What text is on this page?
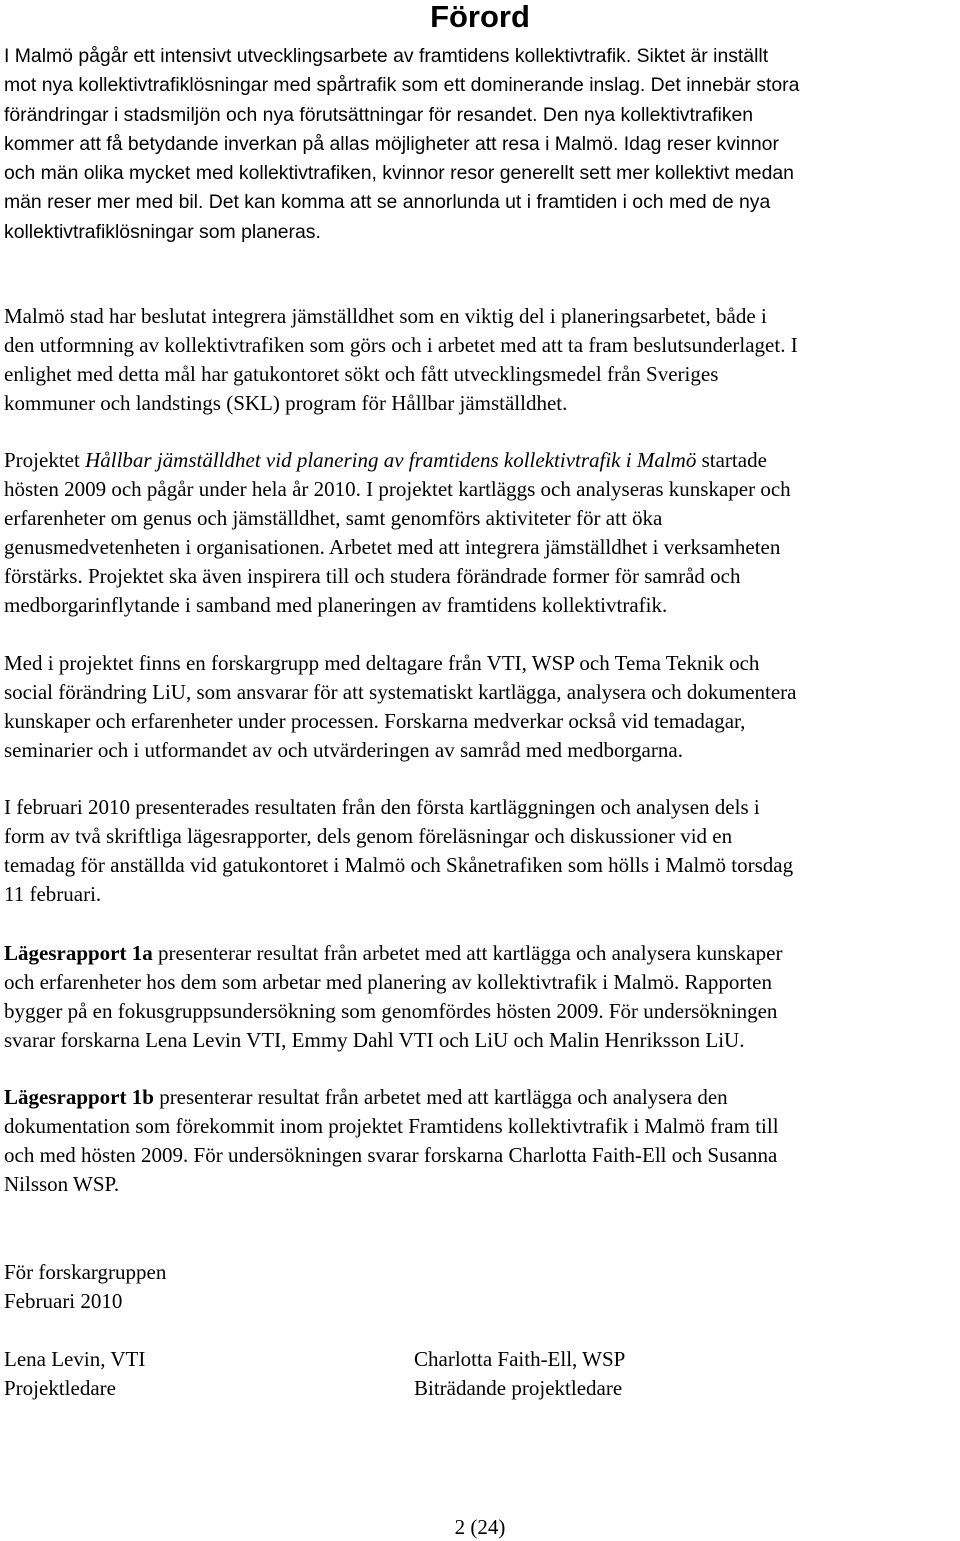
Förord
I Malmö pågår ett intensivt utvecklingsarbete av framtidens kollektivtrafik. Siktet är inställt
mot nya kollektivtrafiklösningar med spårtrafik som ett dominerande inslag. Det innebär stora
förändringar i stadsmiljön och nya förutsättningar för resandet. Den nya kollektivtrafiken
kommer att få betydande inverkan på allas möjligheter att resa i Malmö. Idag reser kvinnor
och män olika mycket med kollektivtrafiken, kvinnor resor generellt sett mer kollektivt medan
män reser mer med bil. Det kan komma att se annorlunda ut i framtiden i och med de nya
kollektivtrafiklösningar som planeras.
Malmö stad har beslutat integrera jämställdhet som en viktig del i planeringsarbetet, både i
den utformning av kollektivtrafiken som görs och i arbetet med att ta fram beslutsunderlaget. I
enlighet med detta mål har gatukontoret sökt och fått utvecklingsmedel från Sveriges
kommuner och landstings (SKL) program för Hållbar jämställdhet.
Projektet Hållbar jämställdhet vid planering av framtidens kollektivtrafik i Malmö startade
hösten 2009 och pågår under hela år 2010. I projektet kartläggs och analyseras kunskaper och
erfarenheter om genus och jämställdhet, samt genomförs aktiviteter för att öka
genusmedvetenheten i organisationen. Arbetet med att integrera jämställdhet i verksamheten
förstärks. Projektet ska även inspirera till och studera förändrade former för samråd och
medborgarinflytande i samband med planeringen av framtidens kollektivtrafik.
Med i projektet finns en forskargrupp med deltagare från VTI, WSP och Tema Teknik och
social förändring LiU, som ansvarar för att systematiskt kartlägga, analysera och dokumentera
kunskaper och erfarenheter under processen. Forskarna medverkar också vid temadagar,
seminarier och i utformandet av och utvärderingen av samråd med medborgarna.
I februari 2010 presenterades resultaten från den första kartläggningen och analysen dels i
form av två skriftliga lägesrapporter, dels genom föreläsningar och diskussioner vid en
temadag för anställda vid gatukontoret i Malmö och Skånetrafiken som hölls i Malmö torsdag
11 februari.
Lägesrapport 1a presenterar resultat från arbetet med att kartlägga och analysera kunskaper
och erfarenheter hos dem som arbetar med planering av kollektivtrafik i Malmö. Rapporten
bygger på en fokusgruppsundersökning som genomfördes hösten 2009. För undersökningen
svarar forskarna Lena Levin VTI, Emmy Dahl VTI och LiU och Malin Henriksson LiU.
Lägesrapport 1b presenterar resultat från arbetet med att kartlägga och analysera den
dokumentation som förekommit inom projektet Framtidens kollektivtrafik i Malmö fram till
och med hösten 2009. För undersökningen svarar forskarna Charlotta Faith-Ell och Susanna
Nilsson WSP.
För forskargruppen
Februari 2010
Lena Levin, VTI
Projektledare
Charlotta Faith-Ell, WSP
Biträdande projektledare
2 (24)
